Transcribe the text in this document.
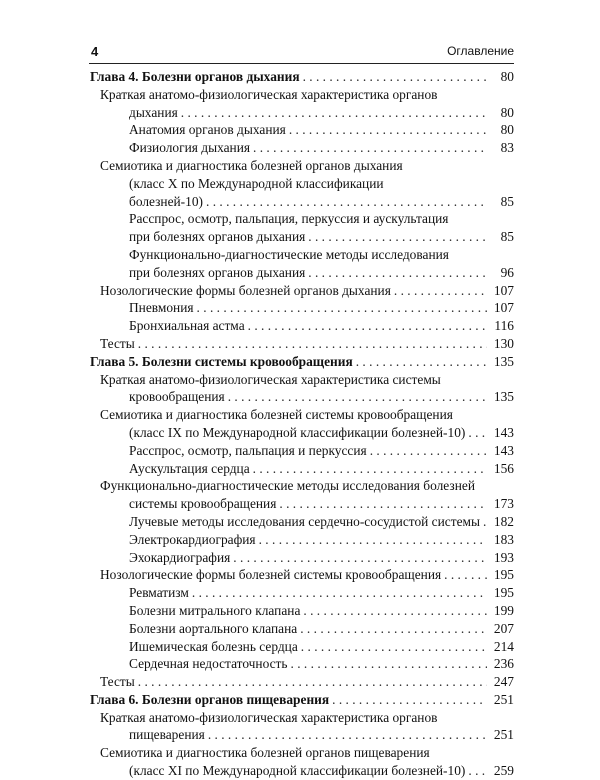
4	Оглавление
Глава 4. Болезни органов дыхания . . .	80
Краткая анатомо-физиологическая характеристика органов
дыхания . . .	80
Анатомия органов дыхания . . .	80
Физиология дыхания . . .	83
Семиотика и диагностика болезней органов дыхания
(класс X по Международной классификации
болезней-10) . . .	85
Расспрос, осмотр, пальпация, перкуссия и аускультация
при болезнях органов дыхания . . .	85
Функционально-диагностические методы исследования
при болезнях органов дыхания . . .	96
Нозологические формы болезней органов дыхания . . .	107
Пневмония . . .	107
Бронхиальная астма . . .	116
Тесты . . .	130
Глава 5. Болезни системы кровообращения . . .	135
Краткая анатомо-физиологическая характеристика системы
кровообращения . . .	135
Семиотика и диагностика болезней системы кровообращения
(класс IX по Международной классификации болезней-10) . . . 143
Расспрос, осмотр, пальпация и перкуссия . . .	143
Аускультация сердца . . .	156
Функционально-диагностические методы исследования болезней
системы кровообращения . . .	173
Лучевые методы исследования сердечно-сосудистой системы . . . 182
Электрокардиография . . .	183
Эхокардиография . . .	193
Нозологические формы болезней системы кровообращения . . .	195
Ревматизм . . .	195
Болезни митрального клапана . . .	199
Болезни аортального клапана . . .	207
Ишемическая болезнь сердца . . .	214
Сердечная недостаточность . . .	236
Тесты . . .	247
Глава 6. Болезни органов пищеварения . . .	251
Краткая анатомо-физиологическая характеристика органов
пищеварения . . .	251
Семиотика и диагностика болезней органов пищеварения
(класс XI по Международной классификации болезней-10) . . . 259
